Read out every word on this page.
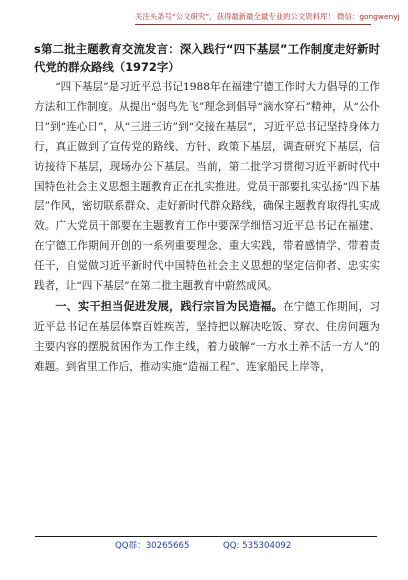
关注头条号“公文研究”，获得最新最全最专业的公文资料库！ 微信：gongwenyj

s第二批主题教育交流发言：深入践行“四下基层”工作制度走好新时代党的群众路线（1972字）

“四下基层”是习近平总书记1988年在福建宁德工作时大力倡导的工作方法和工作制度。从提出“弱鸟先飞”理念到倡导“滴水穿石”精神，从“公仆日”到“连心日”，从“三进三访”到“交接在基层”，习近平总书记坚持身体力行，真正做到了宣传党的路线、方针、政策下基层，调查研究下基层，信访接待下基层，现场办公下基层。当前，第二批学习贯彻习近平新时代中国特色社会主义思想主题教育正在扎实推进。党员干部要扎实弘扬“四下基层”作风，密切联系群众、走好新时代群众路线，确保主题教育取得扎实成效。广大党员干部要在主题教育工作中要深学细悟习近平总书记在福建、在宁德工作期间开创的一系列重要理念、重大实践，带着感情学、带着责任干，自觉做习近平新时代中国特色社会主义思想的坚定信仰者、忠实实践者，让“四下基层”在第二批主题教育中蔚然成风。

一、实干担当促进发展，践行宗旨为民造福。在宁德工作期间，习近平总书记在基层体察百姓疾苦，坚持把以解决吃饭、穿衣、住房问题为主要内容的摆脱贫困作为工作主线，着力破解“一方水土养不活一方人”的难题。到省里工作后，推动实施“造福工程”、连家船民上岸等，

QQ群：30265665	QQ: 535304092
